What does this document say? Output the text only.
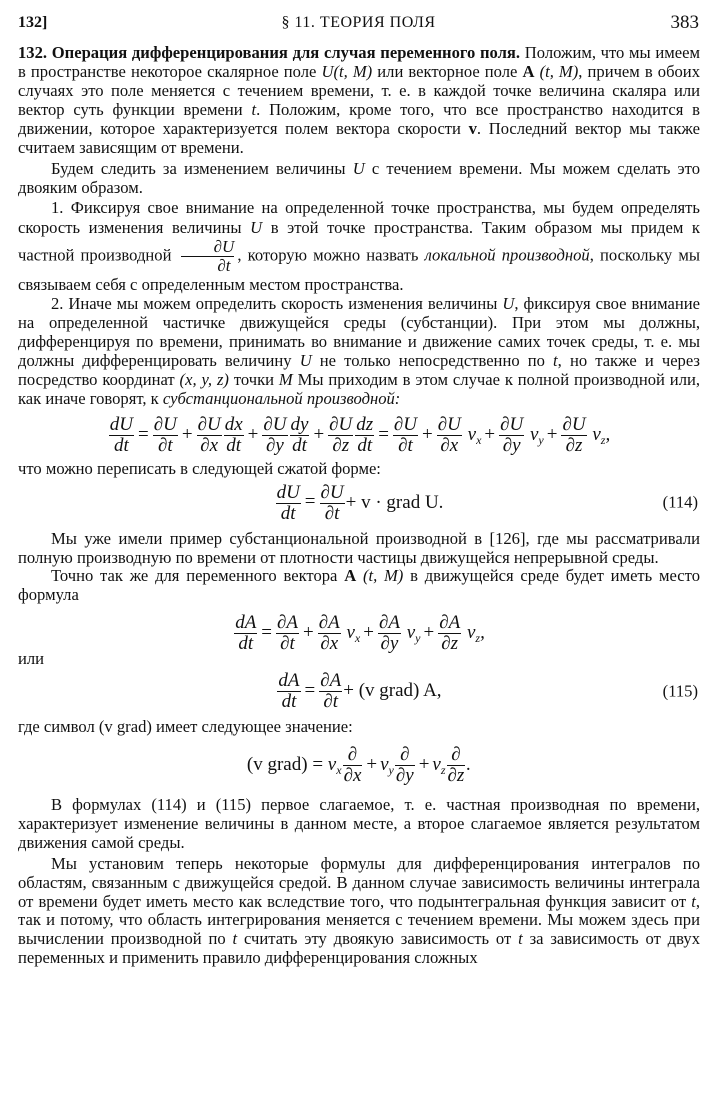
132]	§ 11. ТЕОРИЯ ПОЛЯ	383

132. Операция дифференцирования для случая переменного поля. Положим, что мы имеем в пространстве некоторое скалярное поле U(t, M) или векторное поле A (t, M), причем в обоих случаях это поле меняется с течением времени, т. е. в каждой точке величина скаляра или вектор суть функции времени t. Положим, кроме того, что все пространство находится в движении, которое характеризуется полем вектора скорости v. Последний вектор мы также считаем зависящим от времени.

Будем следить за изменением величины U с течением времени. Мы можем сделать это двояким образом.

1. Фиксируя свое внимание на определенной точке пространства, мы будем определять скорость изменения величины U в этой точке пространства. Таким образом мы придем к частной производной $\frac{\partial U}{\partial t}$ , которую можно назвать локальной производной, поскольку мы связываем себя с определенным местом пространства.

2. Иначе мы можем определить скорость изменения величины U, фиксируя свое внимание на определенной частичке движущейся среды (субстанции). При этом мы должны, дифференцируя по времени, принимать во внимание и движение самих точек среды, т. е. мы должны дифференцировать величину U не только непосредственно по t, но также и через посредство координат (x, y, z) точки M Мы приходим в этом случае к полной производной или, как иначе говорят, к субстанциональной производной:

$\frac{dU}{dt} = \frac{\partial U}{\partial t} + \frac{\partial U}{\partial x} \frac{dx}{dt} + \frac{\partial U}{\partial y} \frac{dy}{dt} + \frac{\partial U}{\partial z} \frac{dz}{dt} = \frac{\partial U}{\partial t} + \frac{\partial U}{\partial x} v_x + \frac{\partial U}{\partial y} v_y + \frac{\partial U}{\partial z} v_z$,

что можно переписать в следующей сжатой форме:

$\frac{dU}{dt} = \frac{\partial U}{\partial t} + v$ · grad U.	(114)

Мы уже имели пример субстанциональной производной в [126], где мы рассматривали полную производную по времени от плотности частицы движущейся непрерывной среды.

Точно так же для переменного вектора A (t, M) в движущейся среде будет иметь место формула

$\frac{dA}{dt} = \frac{\partial A}{\partial t} + \frac{\partial A}{\partial x} v_x + \frac{\partial A}{\partial y} v_y + \frac{\partial A}{\partial z} v_z$,

или

$\frac{dA}{dt} = \frac{\partial A}{\partial t} + (v$ grad) A,	(115)

где символ (v grad) имеет следующее значение:

(v grad) = $v_x \frac{\partial}{\partial x} + v_y \frac{\partial}{\partial y} + v_z \frac{\partial}{\partial z}$ .

В формулах (114) и (115) первое слагаемое, т. е. частная производная по времени, характеризует изменение величины в данном месте, а второе слагаемое является результатом движения самой среды.

Мы установим теперь некоторые формулы для дифференцирования интегралов по областям, связанным с движущейся средой. В данном случае зависимость величины интеграла от времени будет иметь место как вследствие того, что подынтегральная функция зависит от t, так и потому, что область интегрирования меняется с течением времени. Мы можем здесь при вычислении производной по t считать эту двоякую зависимость от t за зависимость от двух переменных и применить правило дифференцирования сложных
